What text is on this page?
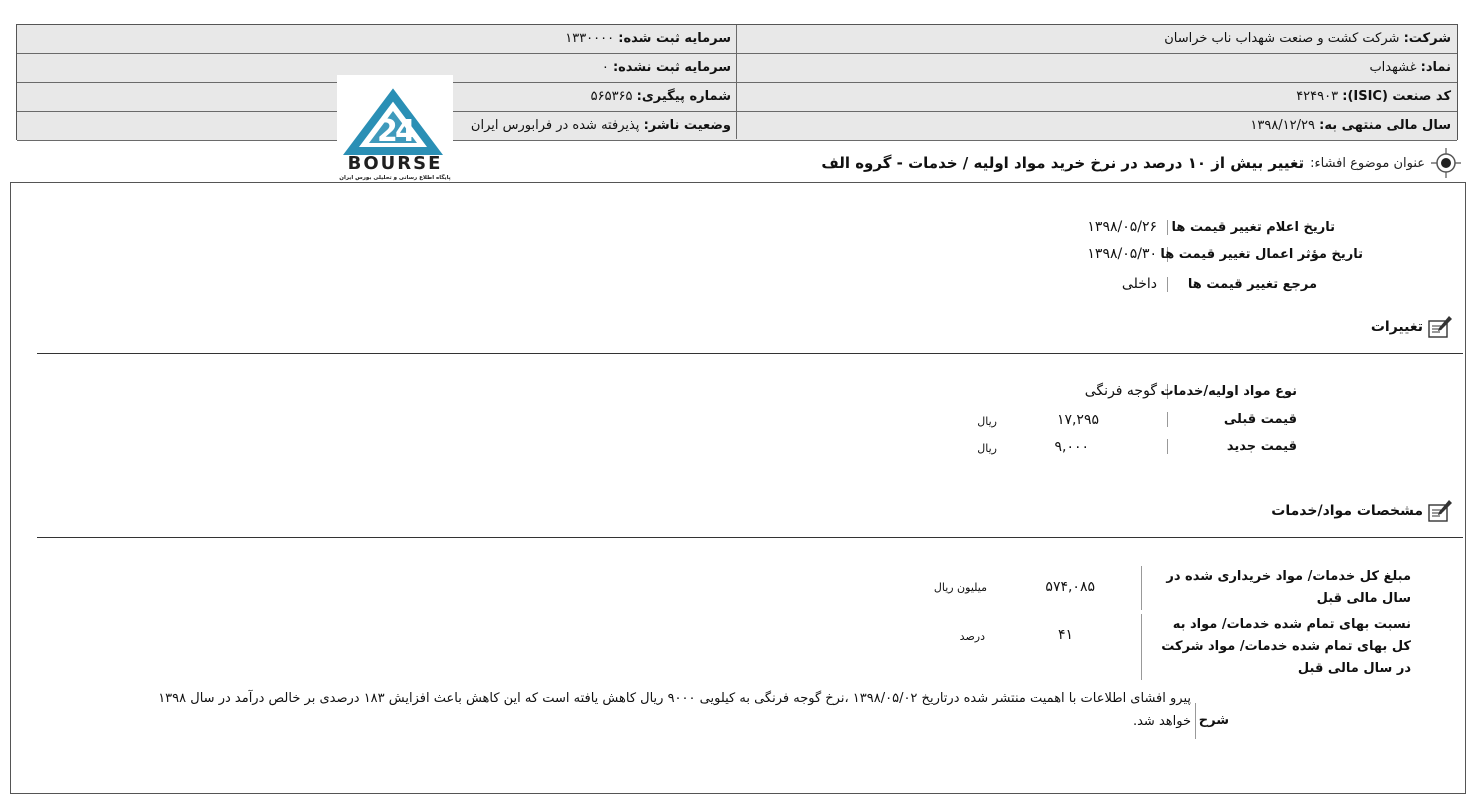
شرکت: شرکت کشت و صنعت شهداب ناب خراسان
سرمایه ثبت شده: ۱۳۳۰۰۰۰
نماد: غشهداب
سرمایه ثبت نشده: ۰
کد صنعت (ISIC): ۴۲۴۹۰۳
شماره پیگیری: ۵۶۵۳۶۵
سال مالی منتهی به: ۱۳۹۸/۱۲/۲۹
وضعیت ناشر: پذیرفته شده در فرابورس ایران
2
4
BOURSE
پایگاه اطلاع رسانی و تحلیلی بورس ایران
عنوان موضوع افشاء:
تغییر بیش از ۱۰ درصد در نرخ خرید مواد اولیه / خدمات - گروه الف
تاریخ اعلام تغییر قیمت ها
۱۳۹۸/۰۵/۲۶
تاریخ مؤثر اعمال تغییر قیمت ها
۱۳۹۸/۰۵/۳۰
مرجع تغییر قیمت ها
داخلی
تغییرات
نوع مواد اولیه/خدمات
گوجه فرنگی
قیمت قبلی
۱۷,۲۹۵
ریال
قیمت جدید
۹,۰۰۰
ریال
مشخصات مواد/خدمات
مبلغ کل خدمات/ مواد خریداری شده در سال مالی قبل
۵۷۴,۰۸۵
میلیون ریال
نسبت بهای تمام شده خدمات/ مواد به کل بهای تمام شده خدمات/ مواد شرکت در سال مالی قبل
۴۱
درصد
شرح
پیرو افشای اطلاعات با اهمیت منتشر شده درتاریخ ۱۳۹۸/۰۵/۰۲ ،نرخ گوجه فرنگی به کیلویی ۹۰۰۰ ریال کاهش یافته است که این کاهش باعث افزایش ۱۸۳ درصدی بر خالص درآمد در سال ۱۳۹۸ خواهد شد.
